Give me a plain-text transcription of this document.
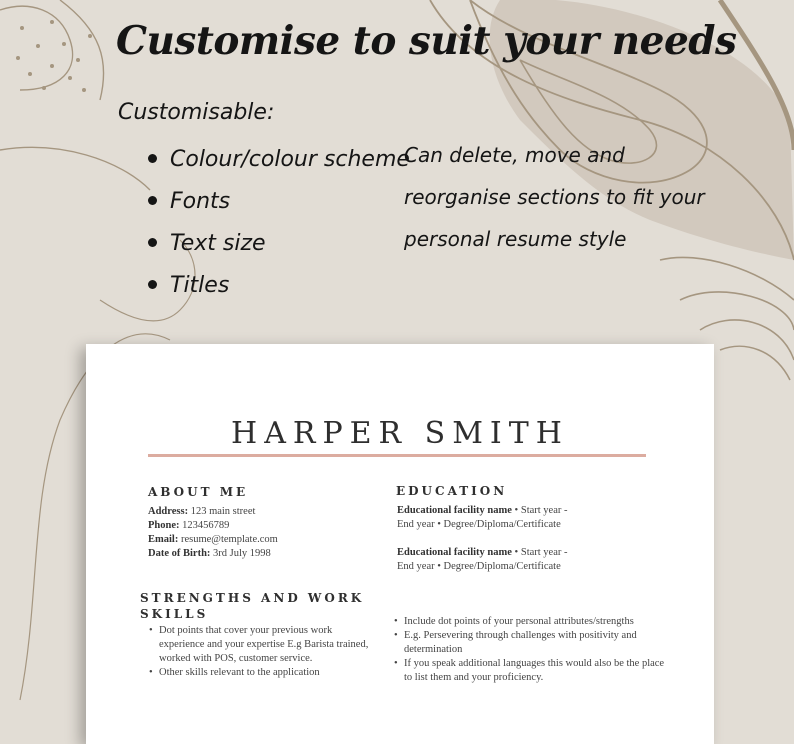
Customise to suit your needs
Customisable:
Colour/colour scheme
Fonts
Text size
Titles
Can delete, move and
reorganise sections to fit your
personal resume style
HARPER SMITH
ABOUT ME
Address: 123 main street
Phone: 123456789
Email: resume@template.com
Date of Birth: 3rd July 1998
EDUCATION
Educational facility name • Start year -
End year • Degree/Diploma/Certificate
Educational facility name • Start year -
End year • Degree/Diploma/Certificate
STRENGTHS AND WORK
SKILLS
• Dot points that cover your previous work experience and your expertise E.g Barista trained, worked with POS, customer service.
• Other skills relevant to the application
• Include dot points of your personal attributes/strengths
• E.g. Persevering through challenges with positivity and determination
• If you speak additional languages this would also be the place to list them and your proficiency.
